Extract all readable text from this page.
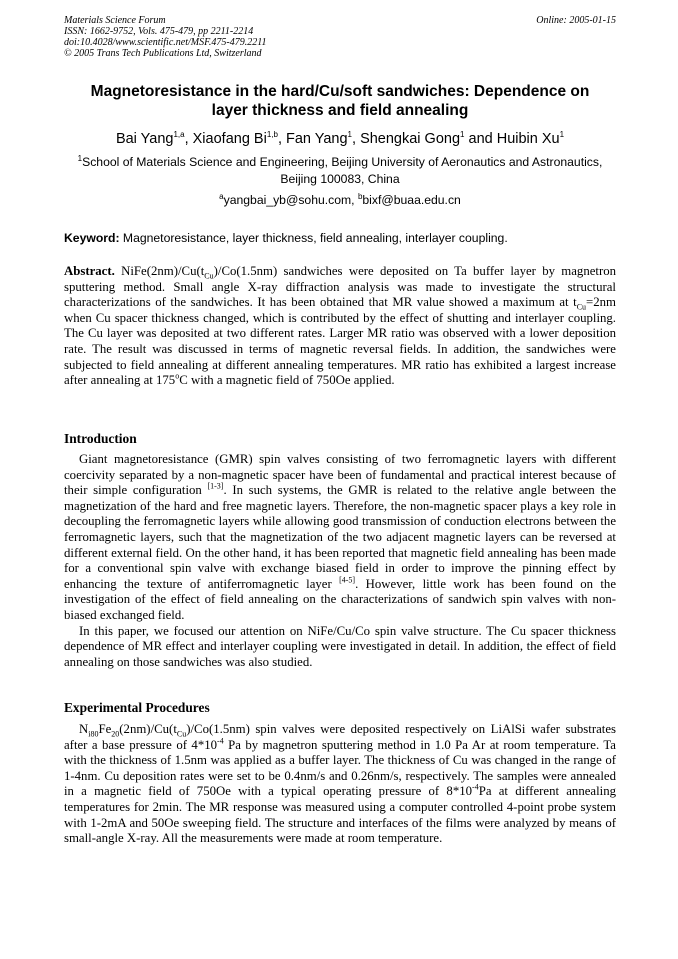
Materials Science Forum
ISSN: 1662-9752, Vols. 475-479, pp 2211-2214
doi:10.4028/www.scientific.net/MSF.475-479.2211
© 2005 Trans Tech Publications Ltd, Switzerland
Online: 2005-01-15
Magnetoresistance in the hard/Cu/soft sandwiches: Dependence on
layer thickness and field annealing
Bai Yang$^{1,a}$, Xiaofang Bi$^{1,b}$, Fan Yang$^1$, Shengkai Gong$^1$ and Huibin Xu$^1$
$^1$School of Materials Science and Engineering, Beijing University of Aeronautics and Astronautics,
Beijing 100083, China
$^a$yangbai_yb@sohu.com, $^b$bixf@buaa.edu.cn
Keyword: Magnetoresistance, layer thickness, field annealing, interlayer coupling.

Abstract. $NiFe(2nm)/Cu(t_{Cu})/Co(1.5nm)$ sandwiches were deposited on Ta buffer layer by magnetron sputtering method. Small angle X-ray diffraction analysis was made to investigate the structural characterizations of the sandwiches. It has been obtained that MR value showed a maximum at $t_{Cu}=2nm$ when Cu spacer thickness changed, which is contributed by the effect of shutting and interlayer coupling. The Cu layer was deposited at two different rates. Larger MR ratio was observed with a lower deposition rate. The result was discussed in terms of magnetic reversal fields. In addition, the sandwiches were subjected to field annealing at different annealing temperatures. MR ratio has exhibited a largest increase after annealing at 175$^o$C with a magnetic field of 750Oe applied.

Introduction

Giant magnetoresistance (GMR) spin valves consisting of two ferromagnetic layers with different coercivity separated by a non-magnetic spacer have been of fundamental and practical interest because of their simple configuration [1-3]. In such systems, the GMR is related to the relative angle between the magnetization of the hard and free magnetic layers. Therefore, the non-magnetic spacer plays a key role in decoupling the ferromagnetic layers while allowing good transmission of conduction electrons between the ferromagnetic layers, such that the magnetization of the two adjacent magnetic layers can be reversed at different external field. On the other hand, it has been reported that magnetic field annealing has been made for a conventional spin valve with exchange biased field in order to improve the pinning effect by enhancing the texture of antiferromagnetic layer [4-5]. However, little work has been found on the investigation of the effect of field annealing on the characterizations of sandwich spin valves with non-biased exchanged field.

In this paper, we focused our attention on NiFe/Cu/Co spin valve structure. The Cu spacer thickness dependence of MR effect and interlayer coupling were investigated in detail. In addition, the effect of field annealing on those sandwiches was also studied.

Experimental Procedures

$N_{i80}Fe_{20}(2nm)/Cu(t_{Cu})/Co(1.5nm)$ spin valves were deposited respectively on LiAlSi wafer substrates after a base pressure of $4*10^{-4}$ Pa by magnetron sputtering method in 1.0 Pa Ar at room temperature. Ta with the thickness of 1.5nm was applied as a buffer layer. The thickness of Cu was changed in the range of 1-4nm. Cu deposition rates were set to be 0.4nm/s and 0.26nm/s, respectively. The samples were annealed in a magnetic field of 750Oe with a typical operating pressure of $8*10^{-4}Pa$ at different annealing temperatures for 2min. The MR response was measured using a computer controlled 4-point probe system with 1-2mA and 50Oe sweeping field. The structure and interfaces of the films were analyzed by means of small-angle X-ray. All the measurements were made at room temperature.
